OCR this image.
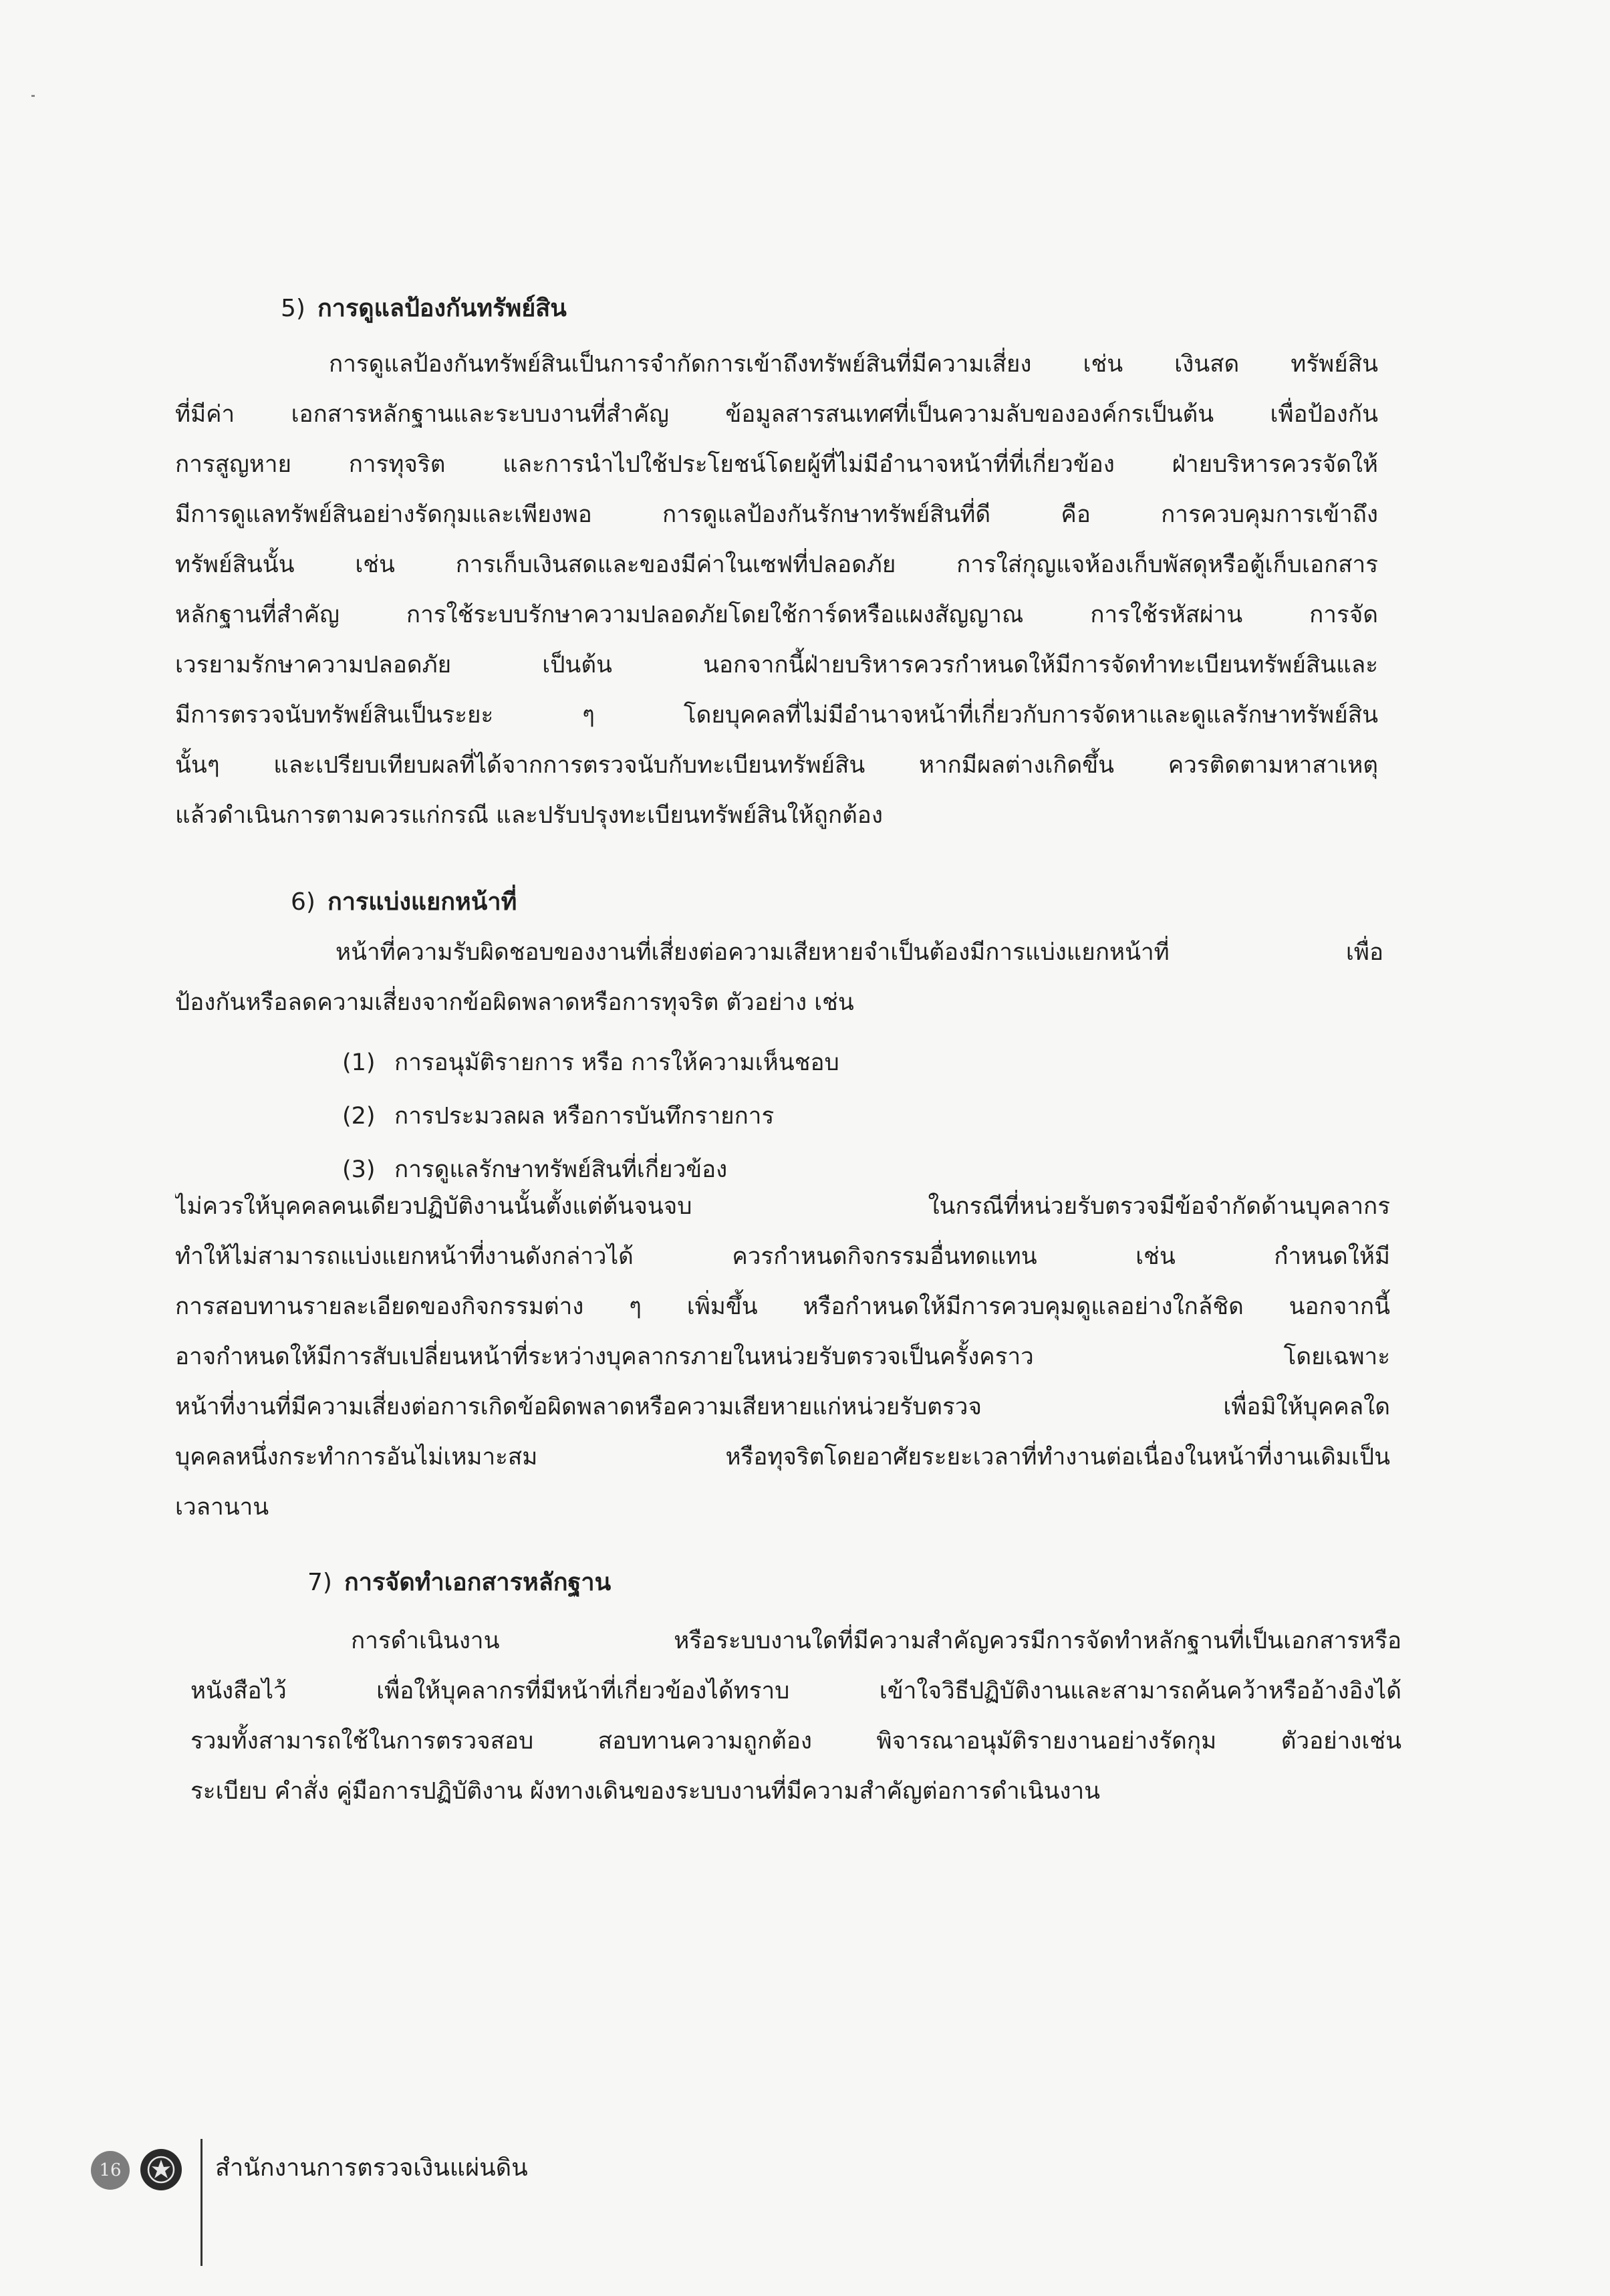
5) การดูแลป้องกันทรัพย์สิน
การดูแลป้องกันทรัพย์สินเป็นการจำกัดการเข้าถึงทรัพย์สินที่มีความเสี่ยง เช่น เงินสด ทรัพย์สิน
ที่มีค่า เอกสารหลักฐานและระบบงานที่สำคัญ ข้อมูลสารสนเทศที่เป็นความลับขององค์กรเป็นต้น เพื่อป้องกัน
การสูญหาย การทุจริต และการนำไปใช้ประโยชน์โดยผู้ที่ไม่มีอำนาจหน้าที่ที่เกี่ยวข้อง ฝ่ายบริหารควรจัดให้
มีการดูแลทรัพย์สินอย่างรัดกุมและเพียงพอ การดูแลป้องกันรักษาทรัพย์สินที่ดี คือ การควบคุมการเข้าถึง
ทรัพย์สินนั้น เช่น การเก็บเงินสดและของมีค่าในเซฟที่ปลอดภัย การใส่กุญแจห้องเก็บพัสดุหรือตู้เก็บเอกสาร
หลักฐานที่สำคัญ การใช้ระบบรักษาความปลอดภัยโดยใช้การ์ดหรือแผงสัญญาณ การใช้รหัสผ่าน การจัด
เวรยามรักษาความปลอดภัย เป็นต้น นอกจากนี้ฝ่ายบริหารควรกำหนดให้มีการจัดทำทะเบียนทรัพย์สินและ
มีการตรวจนับทรัพย์สินเป็นระยะ ๆ โดยบุคคลที่ไม่มีอำนาจหน้าที่เกี่ยวกับการจัดหาและดูแลรักษาทรัพย์สิน
นั้นๆ และเปรียบเทียบผลที่ได้จากการตรวจนับกับทะเบียนทรัพย์สิน หากมีผลต่างเกิดขึ้น ควรติดตามหาสาเหตุ
แล้วดำเนินการตามควรแก่กรณี และปรับปรุงทะเบียนทรัพย์สินให้ถูกต้อง
6) การแบ่งแยกหน้าที่
หน้าที่ความรับผิดชอบของงานที่เสี่ยงต่อความเสียหายจำเป็นต้องมีการแบ่งแยกหน้าที่ เพื่อ
ป้องกันหรือลดความเสี่ยงจากข้อผิดพลาดหรือการทุจริต ตัวอย่าง เช่น
(1) การอนุมัติรายการ หรือ การให้ความเห็นชอบ
(2) การประมวลผล หรือการบันทึกรายการ
(3) การดูแลรักษาทรัพย์สินที่เกี่ยวข้อง
ไม่ควรให้บุคคลคนเดียวปฏิบัติงานนั้นตั้งแต่ต้นจนจบ ในกรณีที่หน่วยรับตรวจมีข้อจำกัดด้านบุคลากร
ทำให้ไม่สามารถแบ่งแยกหน้าที่งานดังกล่าวได้ ควรกำหนดกิจกรรมอื่นทดแทน เช่น กำหนดให้มี
การสอบทานรายละเอียดของกิจกรรมต่าง ๆ เพิ่มขึ้น หรือกำหนดให้มีการควบคุมดูแลอย่างใกล้ชิด นอกจากนี้
อาจกำหนดให้มีการสับเปลี่ยนหน้าที่ระหว่างบุคลากรภายในหน่วยรับตรวจเป็นครั้งคราว โดยเฉพาะ
หน้าที่งานที่มีความเสี่ยงต่อการเกิดข้อผิดพลาดหรือความเสียหายแก่หน่วยรับตรวจ เพื่อมิให้บุคคลใด
บุคคลหนึ่งกระทำการอันไม่เหมาะสม หรือทุจริตโดยอาศัยระยะเวลาที่ทำงานต่อเนื่องในหน้าที่งานเดิมเป็น
เวลานาน
7) การจัดทำเอกสารหลักฐาน
การดำเนินงาน หรือระบบงานใดที่มีความสำคัญควรมีการจัดทำหลักฐานที่เป็นเอกสารหรือ
หนังสือไว้ เพื่อให้บุคลากรที่มีหน้าที่เกี่ยวข้องได้ทราบ เข้าใจวิธีปฏิบัติงานและสามารถค้นคว้าหรืออ้างอิงได้
รวมทั้งสามารถใช้ในการตรวจสอบ สอบทานความถูกต้อง พิจารณาอนุมัติรายงานอย่างรัดกุม ตัวอย่างเช่น
ระเบียบ คำสั่ง คู่มือการปฏิบัติงาน ผังทางเดินของระบบงานที่มีความสำคัญต่อการดำเนินงาน
16	สำนักงานการตรวจเงินแผ่นดิน
